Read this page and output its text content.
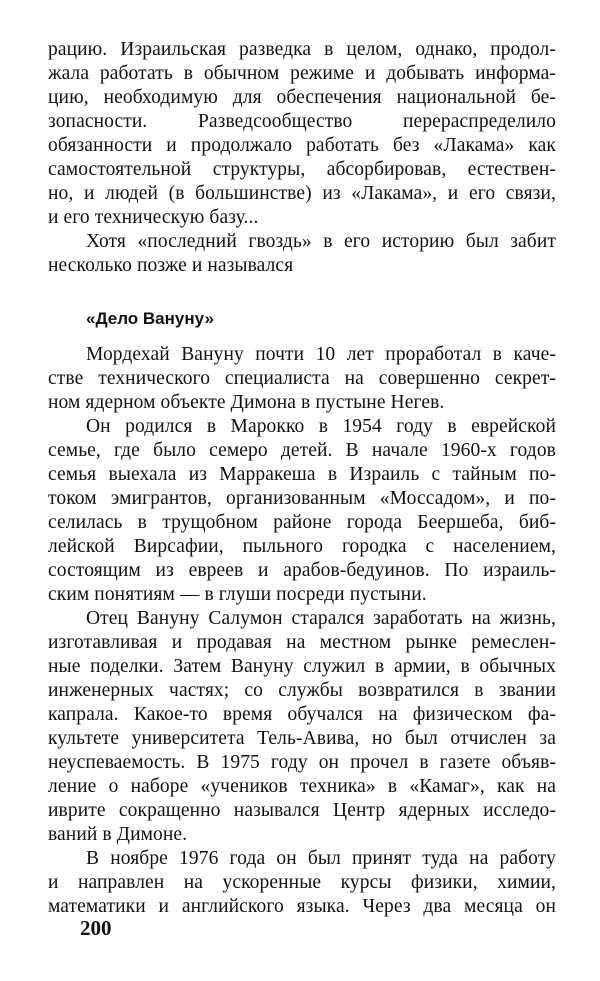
рацию. Израильская разведка в целом, однако, продол-
жала работать в обычном режиме и добывать информа-
цию, необходимую для обеспечения национальной бе-
зопасности. Разведсообщество перераспределило
обязанности и продолжало работать без «Лакама» как
самостоятельной структуры, абсорбировав, естествен-
но, и людей (в большинстве) из «Лакама», и его связи,
и его техническую базу...
Хотя «последний гвоздь» в его историю был забит
несколько позже и назывался
«Дело Вануну»
Мордехай Вануну почти 10 лет проработал в каче-
стве технического специалиста на совершенно секрет-
ном ядерном объекте Димона в пустыне Негев.
Он родился в Марокко в 1954 году в еврейской
семье, где было семеро детей. В начале 1960-х годов
семья выехала из Марракеша в Израиль с тайным по-
током эмигрантов, организованным «Моссадом», и по-
селилась в трущобном районе города Беершеба, биб-
лейской Вирсафии, пыльного городка с населением,
состоящим из евреев и арабов-бедуинов. По израиль-
ским понятиям — в глуши посреди пустыни.
Отец Вануну Салумон старался заработать на жизнь,
изготавливая и продавая на местном рынке ремеслен-
ные поделки. Затем Вануну служил в армии, в обычных
инженерных частях; со службы возвратился в звании
капрала. Какое-то время обучался на физическом фа-
культете университета Тель-Авива, но был отчислен за
неуспеваемость. В 1975 году он прочел в газете объяв-
ление о наборе «учеников техника» в «Камаг», как на
иврите сокращенно назывался Центр ядерных исследо-
ваний в Димоне.
В ноябре 1976 года он был принят туда на работу
и направлен на ускоренные курсы физики, химии,
математики и английского языка. Через два месяца он
200
